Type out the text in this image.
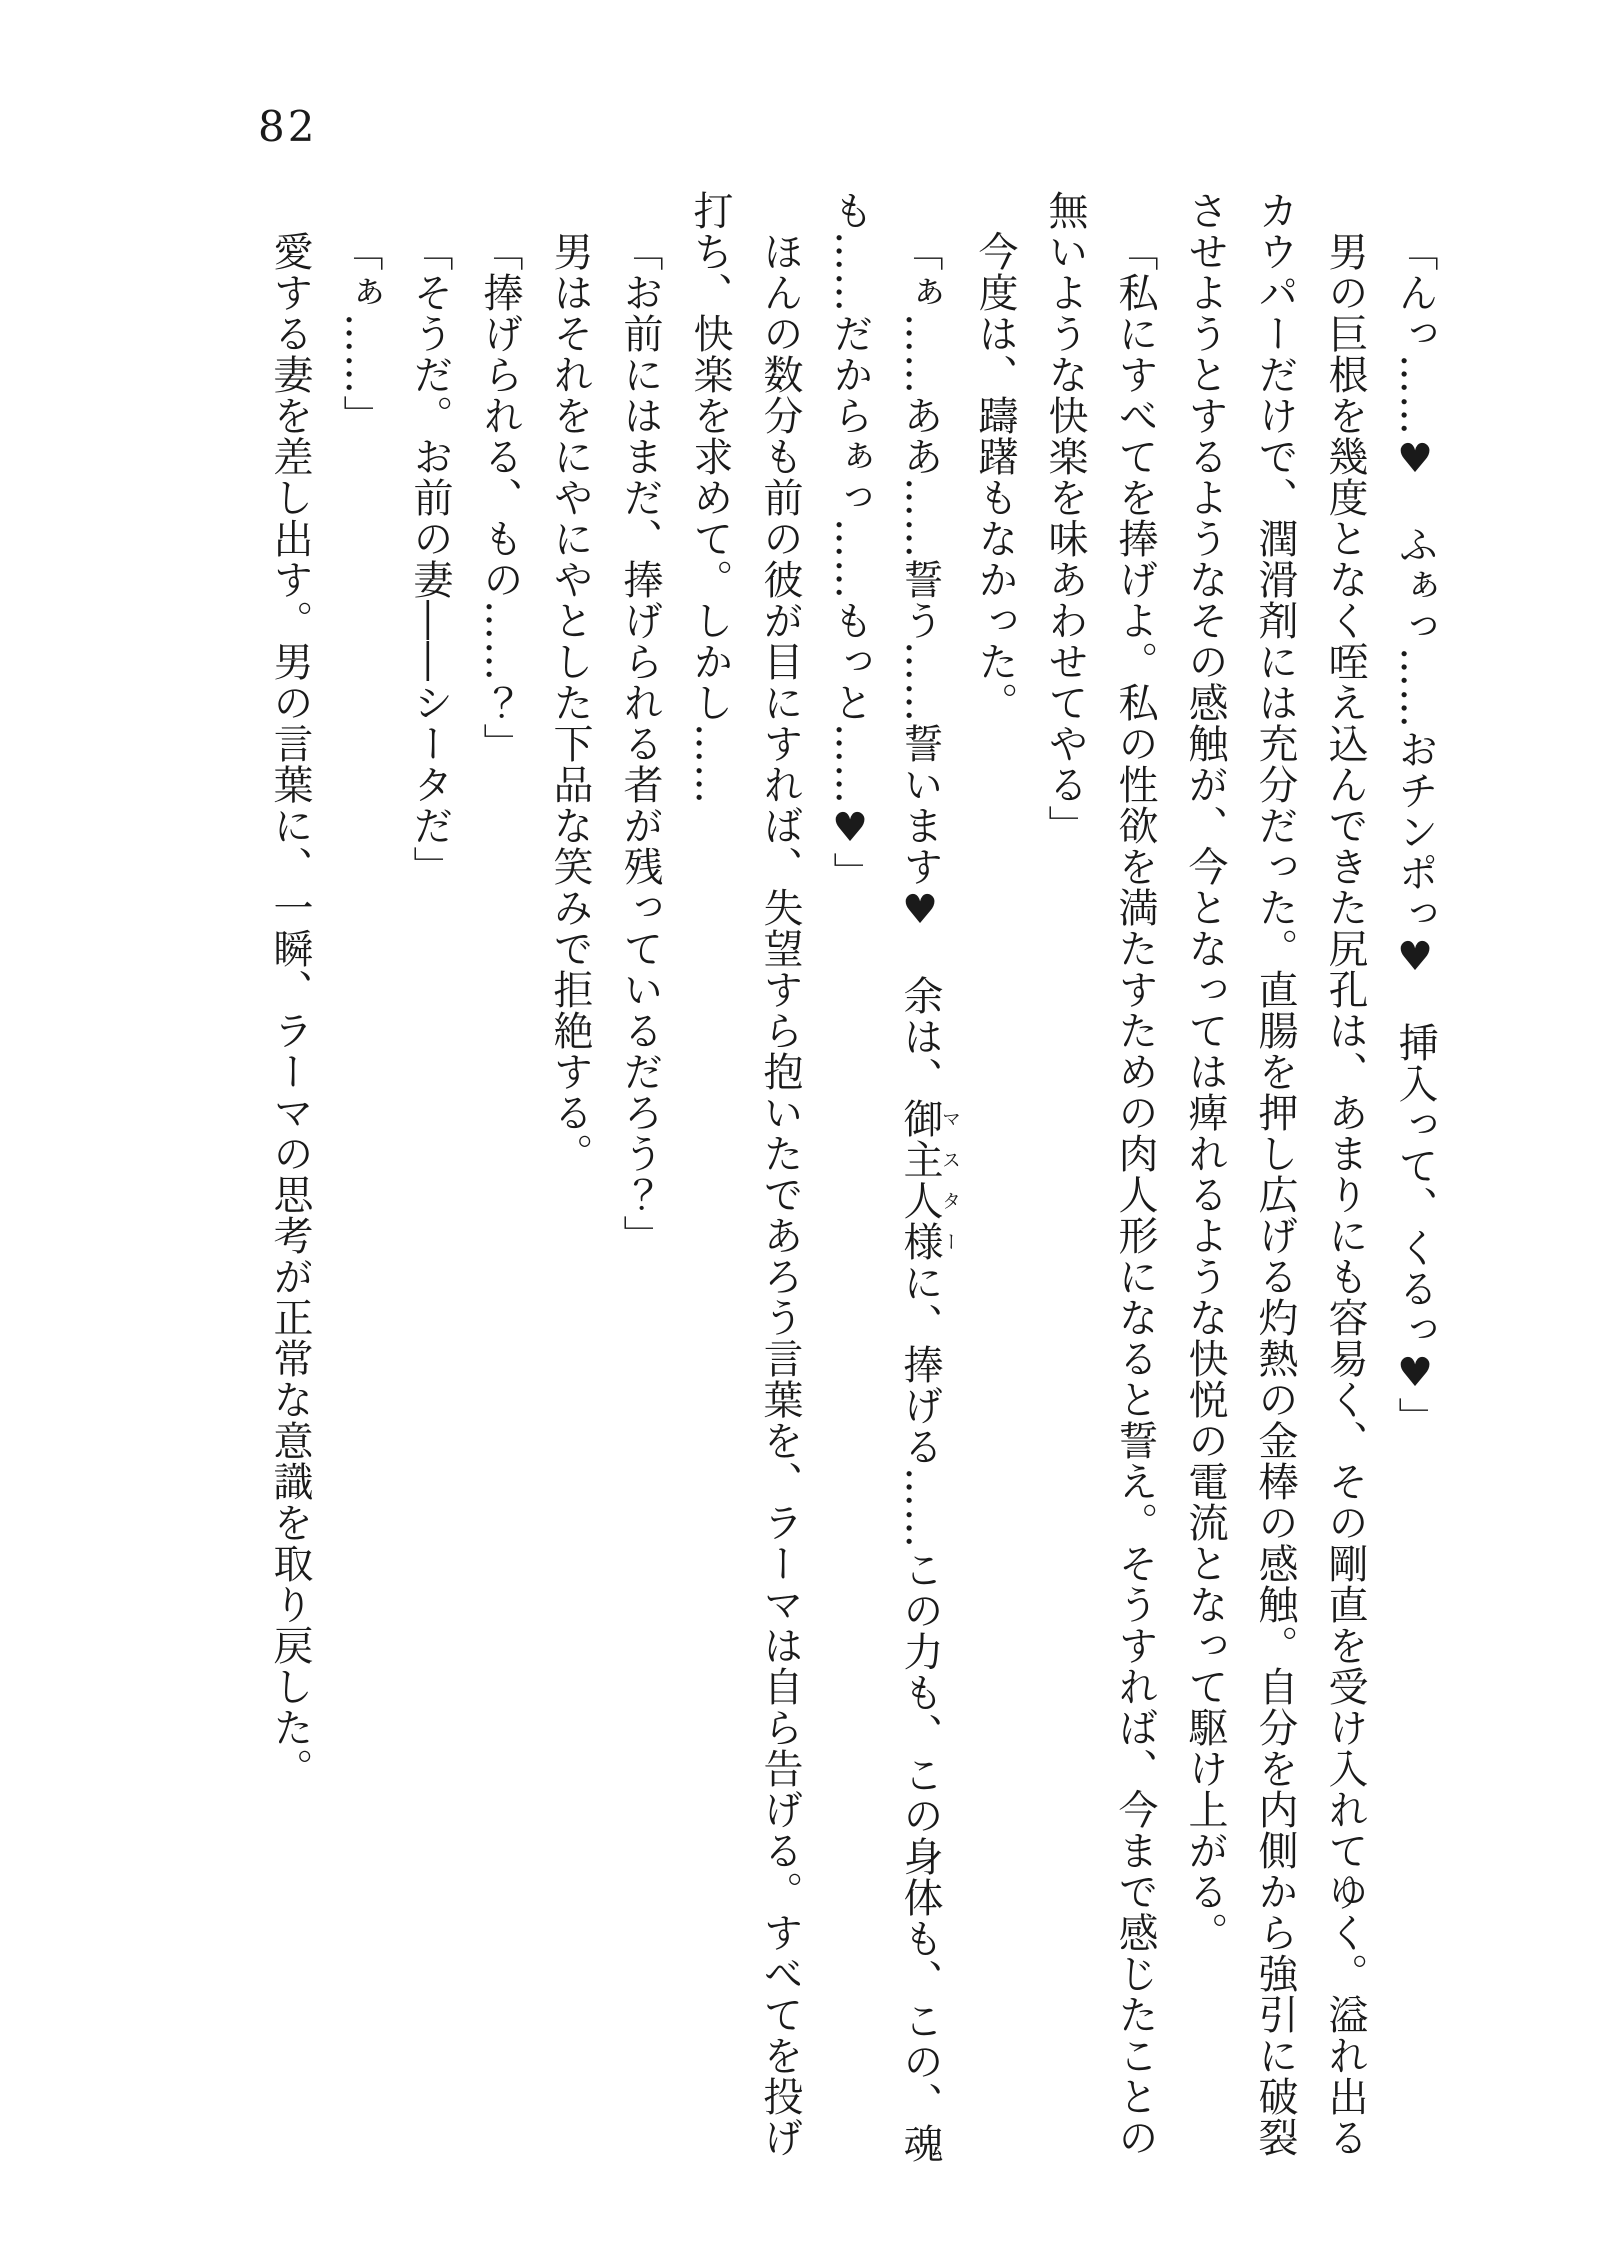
82

「んっ……♥　ふぁっ……おチンポっ♥　挿入って、くるっ♥」

男の巨根を幾度となく咥え込んできた尻孔は、あまりにも容易く、その剛直を受け入れてゆく。溢れ出るカウパーだけで、潤滑剤には充分だった。直腸を押し広げる灼熱の金棒の感触。自分を内側から強引に破裂させようとするようなその感触が、今となっては痺れるような快悦の電流となって駆け上がる。

「私にすべてを捧げよ。私の性欲を満たすための肉人形になると誓え。そうすれば、今まで感じたことの無いような快楽を味あわせてやる」

今度は、躊躇もなかった。

「ぁ……ああ……誓う……誓います♥　余は、御主人様マスターに、捧げる……この力も、この身体も、この、魂も……だからぁっ……もっと……♥」

ほんの数分も前の彼が目にすれば、失望すら抱いたであろう言葉を、ラーマは自ら告げる。すべてを投げ打ち、快楽を求めて。しかし……

「お前にはまだ、捧げられる者が残っているだろう？」

男はそれをにやにやとした下品な笑みで拒絶する。

「捧げられる、もの……？」

「そうだ。お前の妻――シータだ」

「ぁ……」

愛する妻を差し出す。男の言葉に、一瞬、ラーマの思考が正常な意識を取り戻した。
